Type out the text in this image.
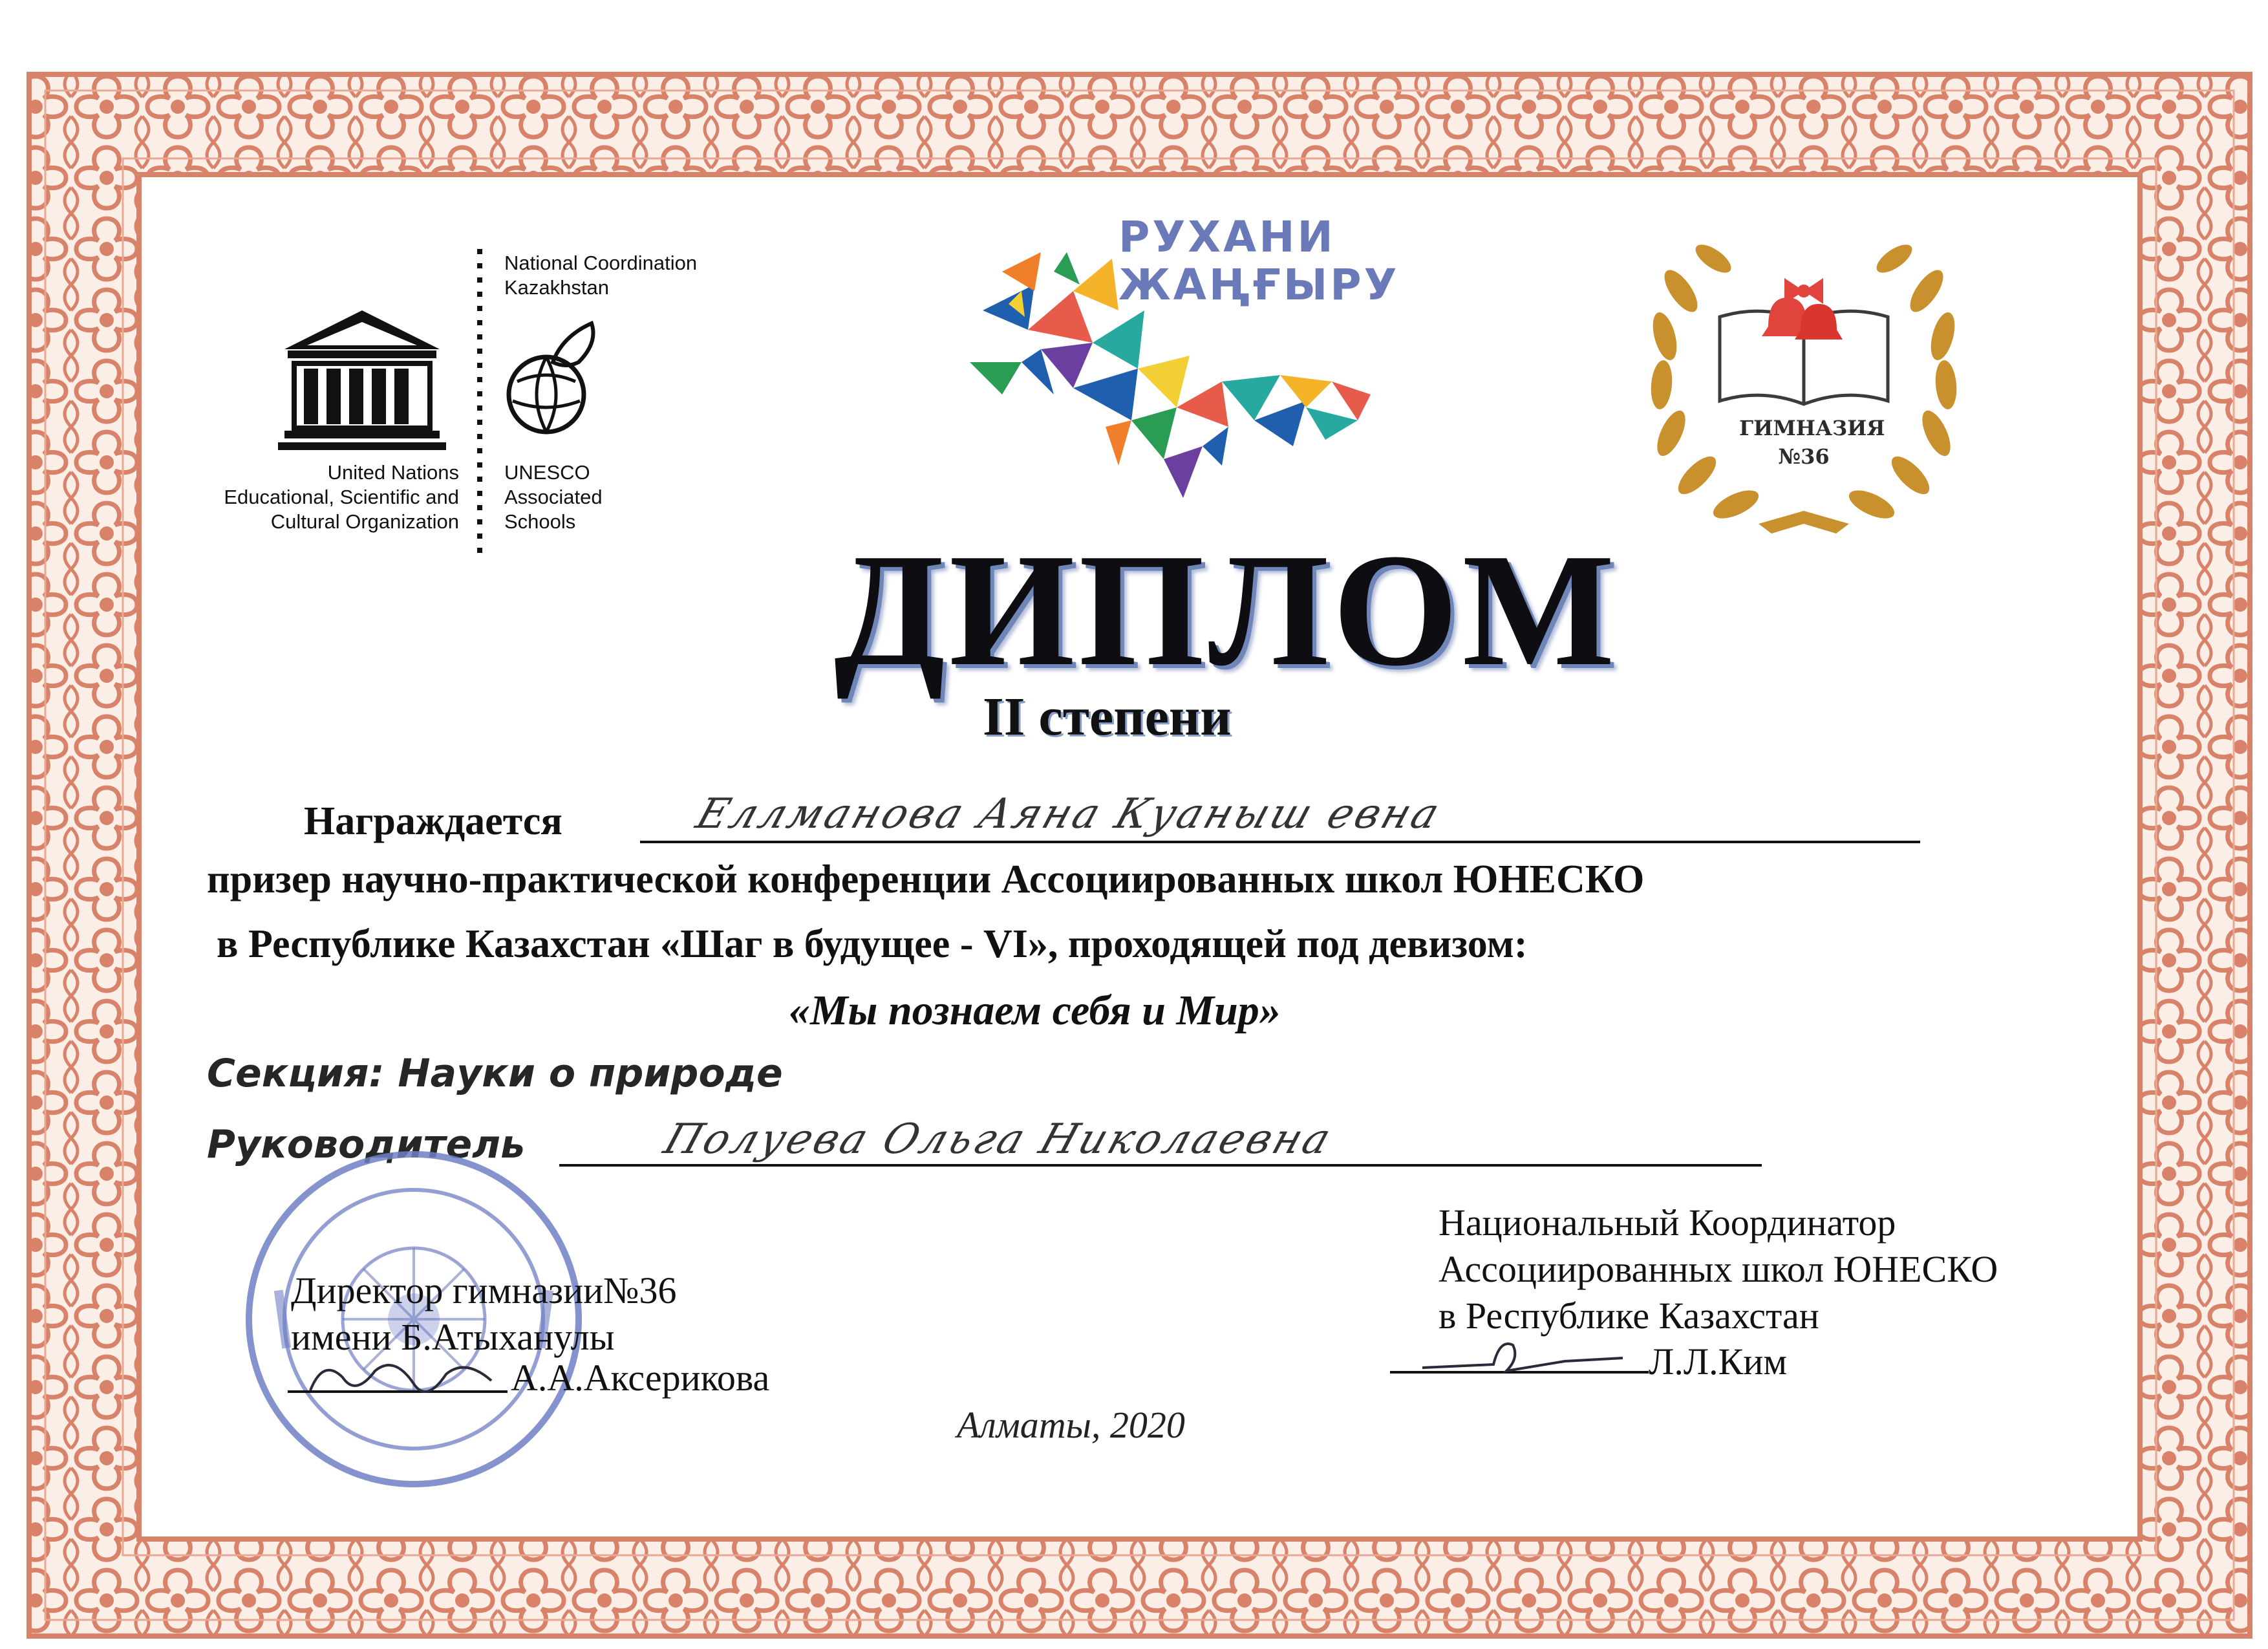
United Nations
Educational, Scientific and
Cultural Organization
National Coordination
Kazakhstan
UNESCO
Associated
Schools
РУХАНИ
ЖАҢҒЫРУ
ГИМНАЗИЯ
№36
ДИПЛОМ
II степени
Награждается	Еллманова Аяна Куаныш евна
призер научно-практической конференции Ассоциированных школ ЮНЕСКО
в Республике Казахстан «Шаг в будущее - VI», проходящей под девизом:
«Мы познаем себя и Мир»
Секция: Науки о природе
Руководитель	Полуева Ольга Николаевна
Директор гимназии№36
имени Б.Атыханулы
А.А.Аксерикова
Национальный Координатор
Ассоциированных школ ЮНЕСКО
в Республике Казахстан
Л.Л.Ким
Алматы, 2020
